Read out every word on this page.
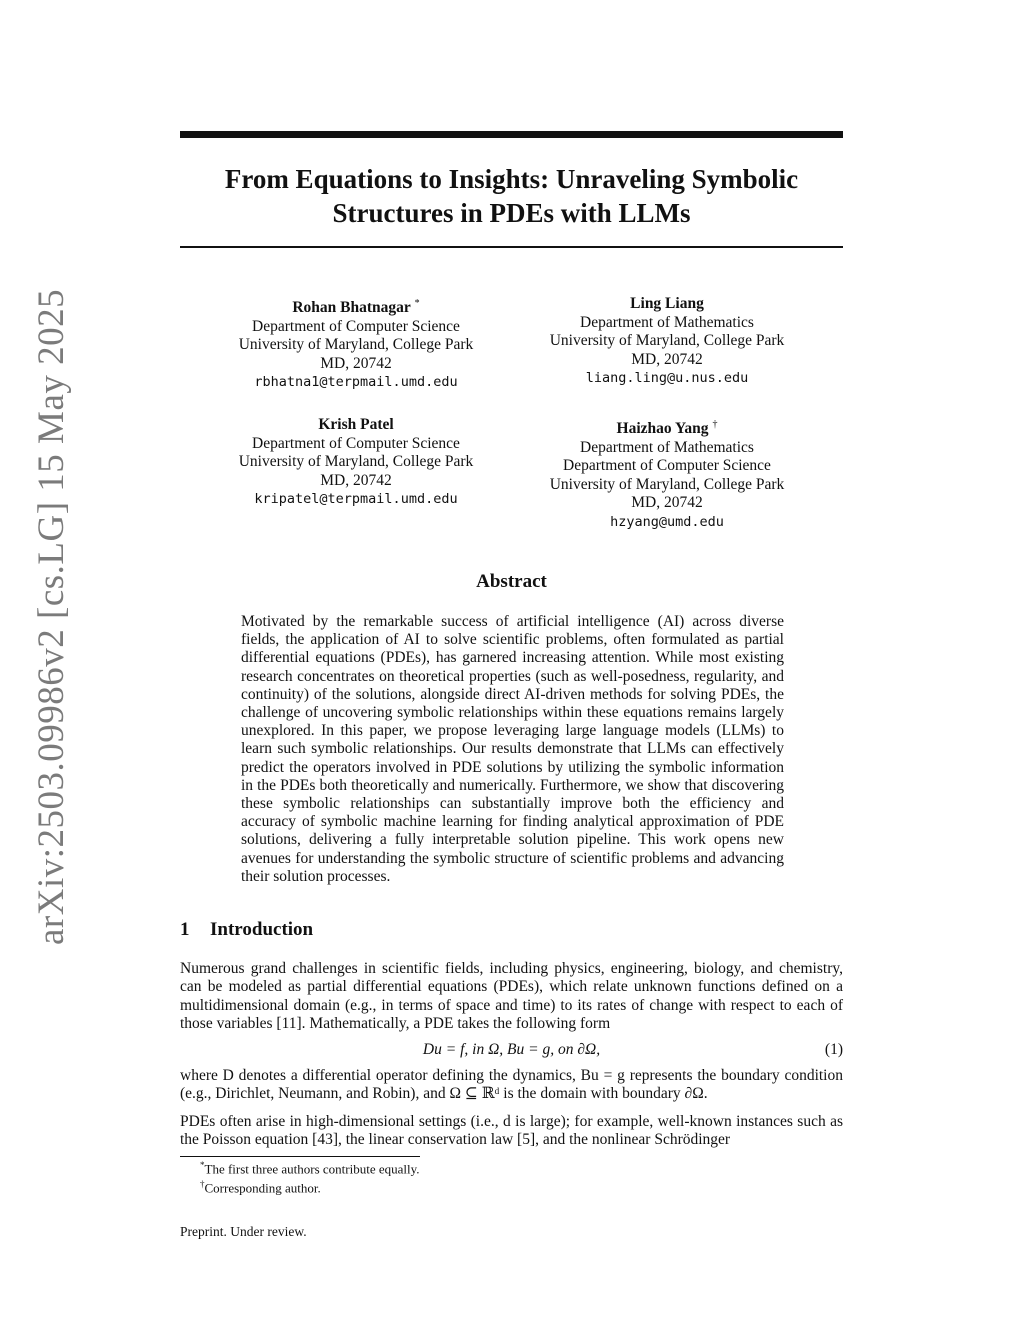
arXiv:2503.09986v2 [cs.LG] 15 May 2025
From Equations to Insights: Unraveling Symbolic
Structures in PDEs with LLMs
Rohan Bhatnagar *
Department of Computer Science
University of Maryland, College Park
MD, 20742
rbhatna1@terpmail.umd.edu
Ling Liang
Department of Mathematics
University of Maryland, College Park
MD, 20742
liang.ling@u.nus.edu
Krish Patel
Department of Computer Science
University of Maryland, College Park
MD, 20742
kripatel@terpmail.umd.edu
Haizhao Yang †
Department of Mathematics
Department of Computer Science
University of Maryland, College Park
MD, 20742
hzyang@umd.edu
Abstract
Motivated by the remarkable success of artificial intelligence (AI) across diverse fields, the application of AI to solve scientific problems, often formulated as partial differential equations (PDEs), has garnered increasing attention. While most existing research concentrates on theoretical properties (such as well-posedness, regularity, and continuity) of the solutions, alongside direct AI-driven methods for solving PDEs, the challenge of uncovering symbolic relationships within these equations remains largely unexplored. In this paper, we propose leveraging large language models (LLMs) to learn such symbolic relationships. Our results demonstrate that LLMs can effectively predict the operators involved in PDE solutions by utilizing the symbolic information in the PDEs both theoretically and numerically. Furthermore, we show that discovering these symbolic relationships can substantially improve both the efficiency and accuracy of symbolic machine learning for finding analytical approximation of PDE solutions, delivering a fully interpretable solution pipeline. This work opens new avenues for understanding the symbolic structure of scientific problems and advancing their solution processes.
1 Introduction
Numerous grand challenges in scientific fields, including physics, engineering, biology, and chemistry, can be modeled as partial differential equations (PDEs), which relate unknown functions defined on a multidimensional domain (e.g., in terms of space and time) to its rates of change with respect to each of those variables [11]. Mathematically, a PDE takes the following form
Du = f, in Ω, Bu = g, on ∂Ω,	(1)
where D denotes a differential operator defining the dynamics, Bu = g represents the boundary condition (e.g., Dirichlet, Neumann, and Robin), and Ω ⊆ ℝᵈ is the domain with boundary ∂Ω.
PDEs often arise in high-dimensional settings (i.e., d is large); for example, well-known instances such as the Poisson equation [43], the linear conservation law [5], and the nonlinear Schrödinger
*The first three authors contribute equally.
†Corresponding author.
Preprint. Under review.
